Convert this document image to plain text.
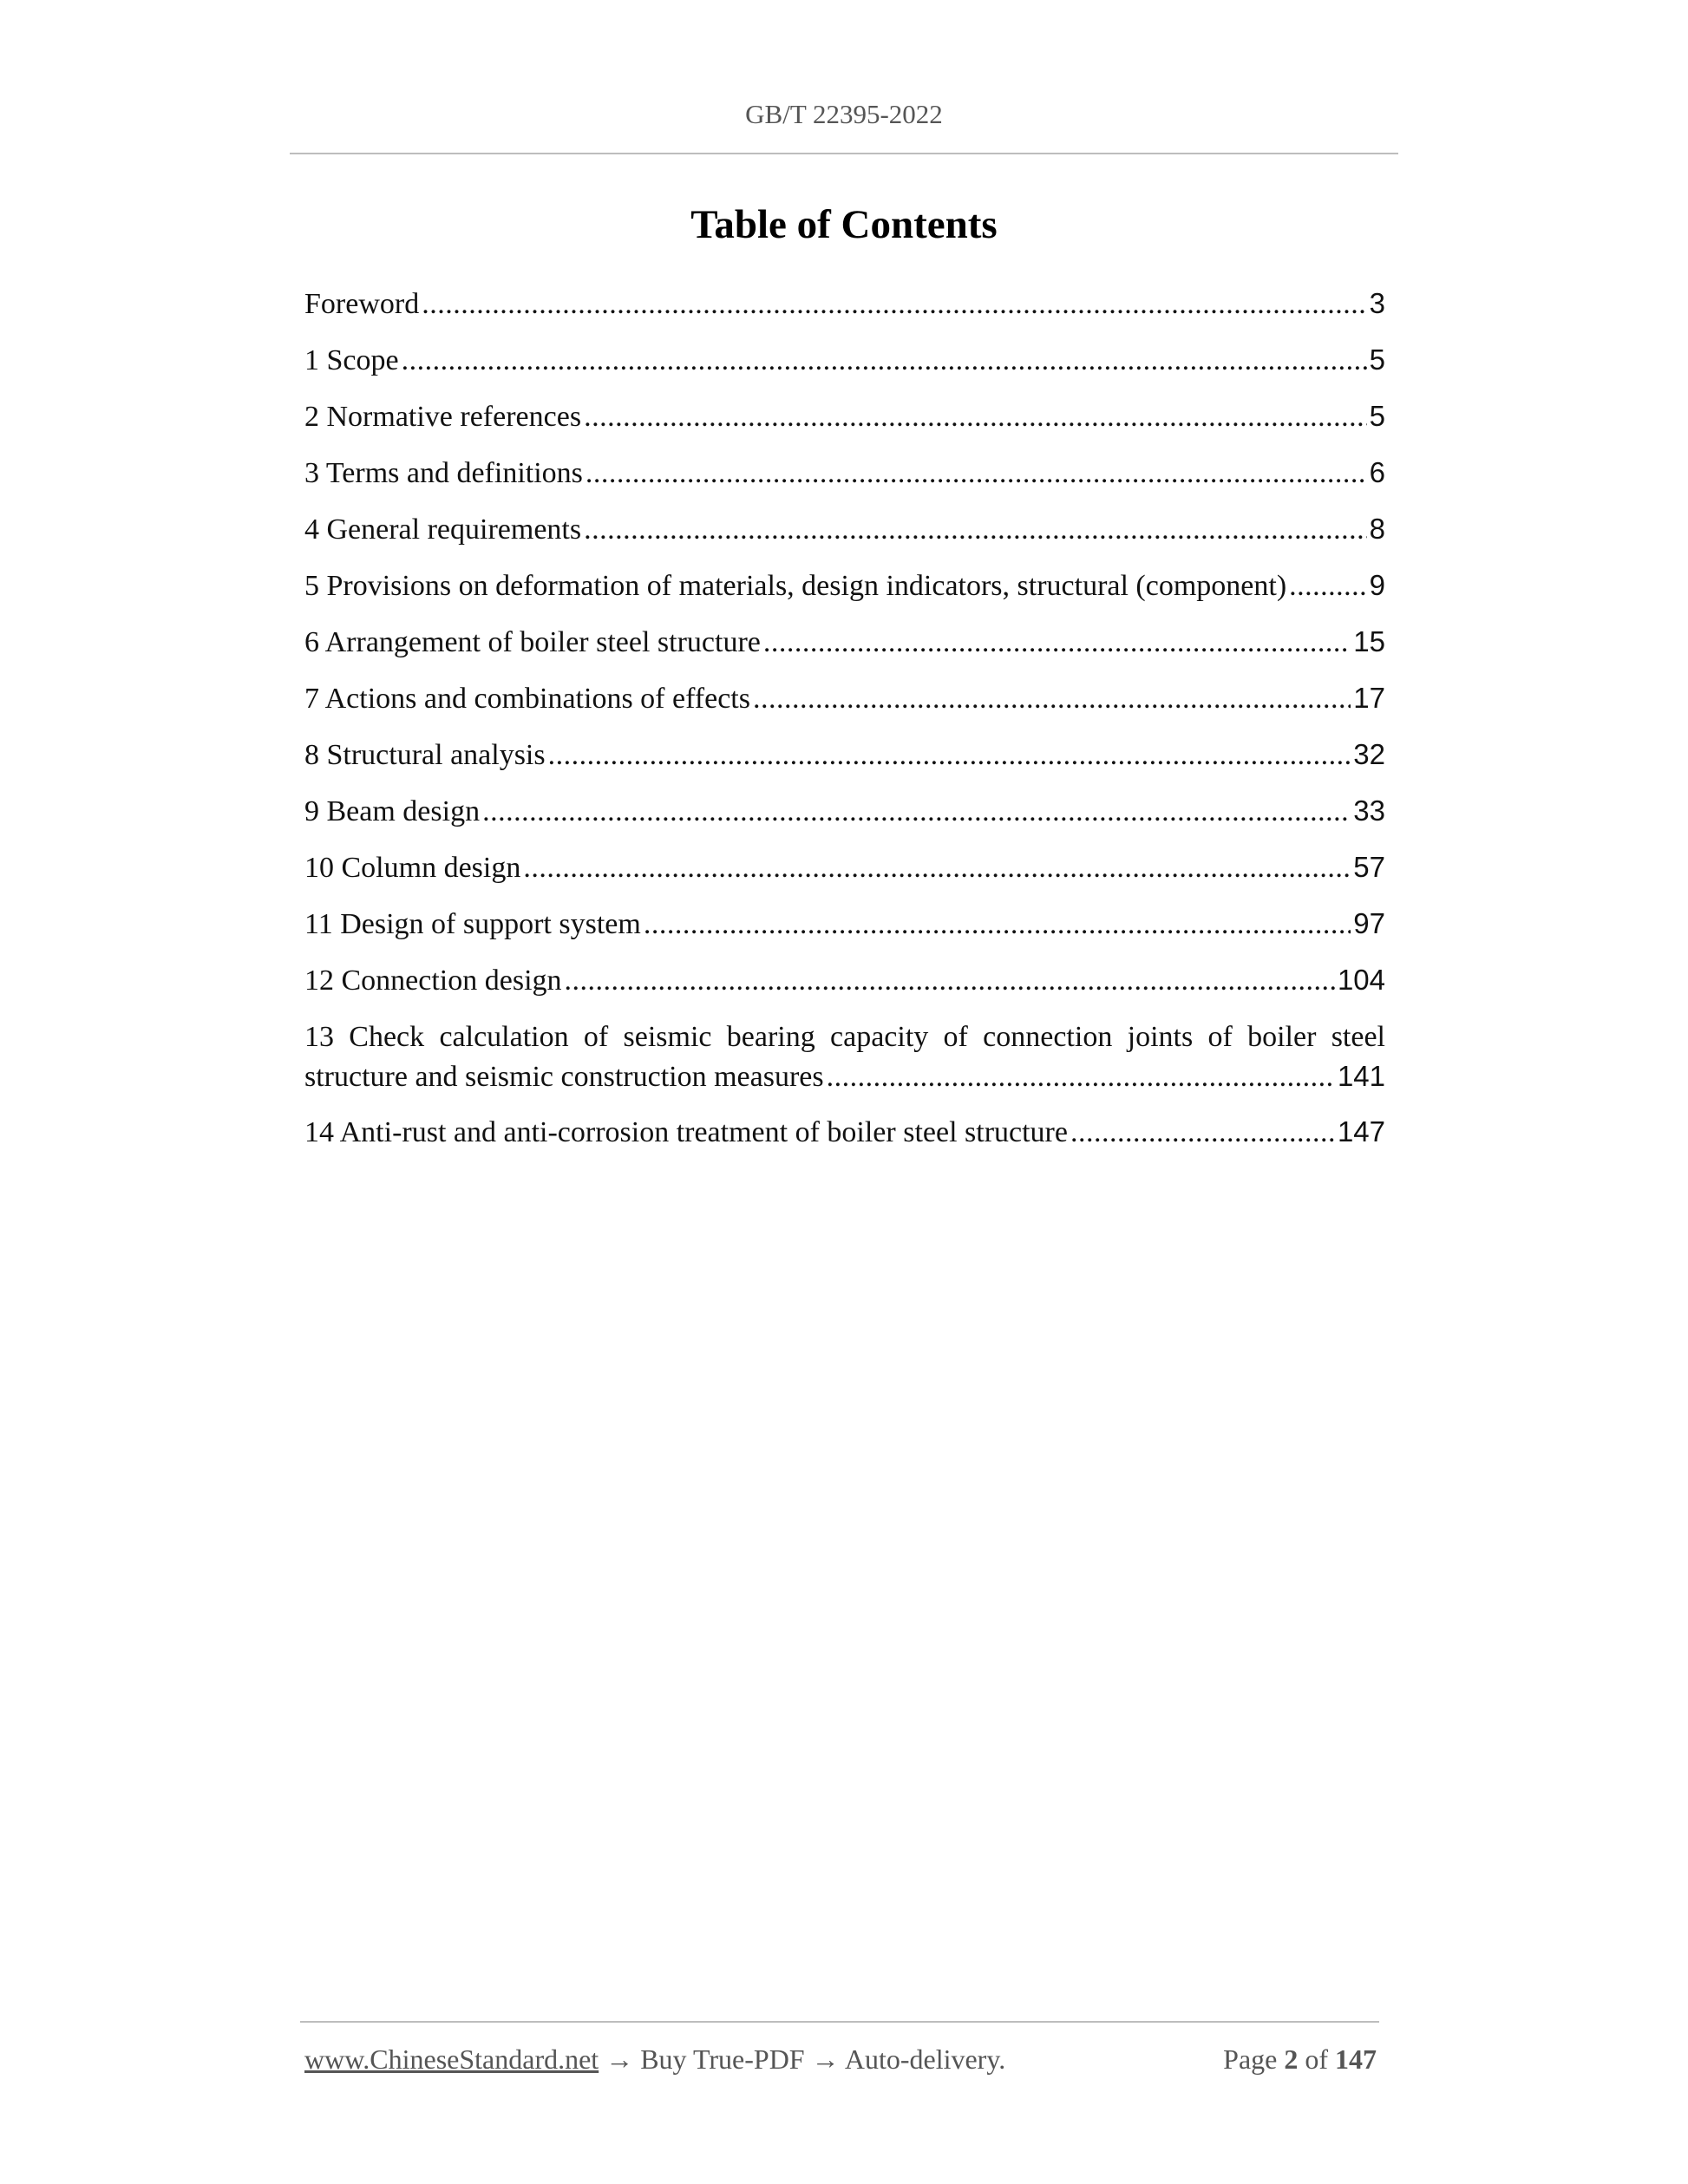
GB/T 22395-2022
Table of Contents
Foreword . . .	3
1 Scope . . .	5
2 Normative references . . .	5
3 Terms and definitions . . .	6
4 General requirements . . .	8
5 Provisions on deformation of materials, design indicators, structural (component) . . .	9
6 Arrangement of boiler steel structure . . .	15
7 Actions and combinations of effects . . .	17
8 Structural analysis . . .	32
9 Beam design . . .	33
10 Column design . . .	57
11 Design of support system . . .	97
12 Connection design . . .	104
13 Check calculation of seismic bearing capacity of connection joints of boiler steel
structure and seismic construction measures . . .	141
14 Anti-rust and anti-corrosion treatment of boiler steel structure . . .	147
www.ChineseStandard.net → Buy True-PDF → Auto-delivery.	Page 2 of 147
